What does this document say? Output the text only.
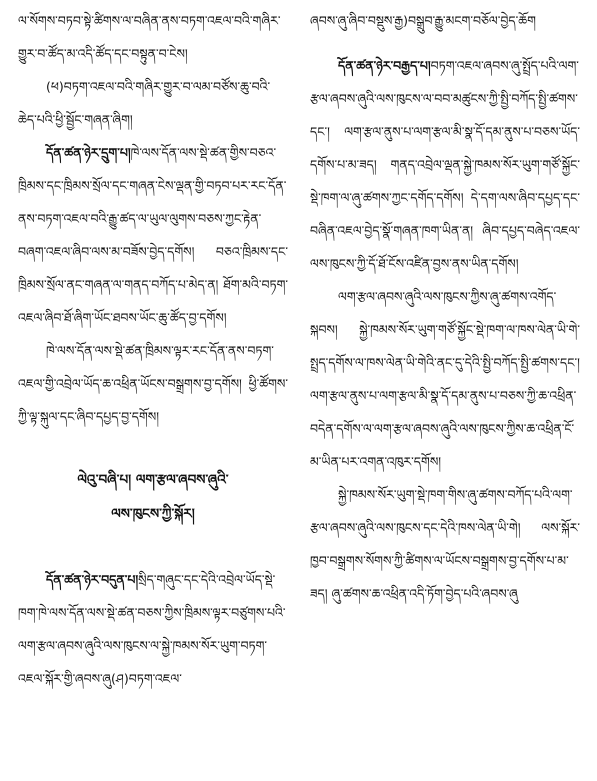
ལ་སོགས་བཏབ་སྟེ་ཚིགས་ལ་བཞིན་ནས་བཏག་འཇལ་བའི་གཞིར་གྱུར་བ་ཚོད་མ་འདི་ཚོད་དང་བསྟུན་བ་ངེས།

(ཕ)བཏག་འཇལ་བའི་གཞིར་གྱུར་བ་ལམ་བཙོས་ཆུ་བའི་ཆེད་པའི་ཕྱི་སྦྱོང་གཞན་ཞིག།

དོན་ཚན་ཉེར་དྲུག་པ།ཁེ་ལས་དོན་ལས་སྡེ་ཚན་གྱིས་བཅའ་ཁྲིམས་དང་ཁྲིམས་སྲོལ་དང་གཞན་ངེས་ལྡན་གྱི་བཏབ་པར་རང་དོན་ནས་བཏག་འཇལ་བའི་རྒྱུ་ཚད་ལ་ཡུལ་ལུགས་བཅས་ཀྱང་རྟེན་བཞག་འཇལ་ཞིབ་ལས་མ་བཟོས་བྱེད་དགོས། བཅའ་ཁྲིམས་དང་ཁྲིམས་སྲོལ་ནང་གཞན་ལ་གནད་བཀོད་པ་མེད་ན། ཐོག་མའི་བཏག་འཇལ་ཞིབ་ཐོ་ཞིག་ཡོང་ཐབས་ཡོང་ཆུ་ཚོད་བྱ་དགོས།

ཁེ་ལས་དོན་ལས་སྡེ་ཚན་ཁྲིམས་ལྟར་རང་དོན་ནས་བཏག་འཇལ་གྱི་འབྲེལ་ཡོད་ཆ་འཕྲིན་ཡོངས་བསྒྲགས་བྱ་དགོས། ཕྱི་ཚོགས་ཀྱི་ལྟ་སྐུལ་དང་ཞིབ་དཔྱད་བྱ་དགོས།

ལེའུ་བཞི་པ། ལག་རྩལ་ཞབས་ཞུའི་
ལས་ཁུངས་ཀྱི་སྐོར།

དོན་ཚན་ཉེར་བདུན་པ།སྲིད་གཞུང་དང་དེའི་འབྲེལ་ཡོད་སྡེ་ཁག་ཁེ་ལས་དོན་ལས་སྡེ་ཚན་བཅས་ཀྱིས་ཁྲིམས་ལྟར་བཙུགས་པའི་ལག་རྩལ་ཞབས་ཞུའི་ལས་ཁུངས་ལ་སྐྱེ་ཁམས་སོར་ཡུག་བཏག་འཇལ་སྐོར་གྱི་ཞབས་ཞུ(ཤ)བཏག་འཇལ་

ཞབས་ཞུ་ཞིབ་བསྡུས་རྒྱ)བསྒྲུབ་རྒྱུ་མངག་བཅོལ་བྱེད་ཆོག

དོན་ཚན་ཉེར་བརྒྱད་པ།བཏག་འཇལ་ཞབས་ཞུ་སྤྲོད་པའི་ལག་རྩལ་ཞབས་ཞུའི་ལས་ཁུངས་ལ་བབ་མཚུངས་ཀྱི་སྤྱི་བཀོད་སྤྱི་ཚགས་དང་། ལག་རྩལ་ནུས་པ་ལག་རྩལ་མི་སྣ་དོ་དམ་ནུས་པ་བཅས་ཡོད་དགོས་པ་མ་ཟད། གནད་འབྲེལ་ལྡན་སྐྱེ་ཁམས་སོར་ཡུག་གཙོ་སྐྱོང་སྡེ་ཁག་ལ་ཞུ་ཚགས་ཀྱང་དགོད་དགོས། དེ་དག་ལས་ཞིབ་དཔྱད་དང་བཞིན་འཇལ་བྱེད་སྣོ་གཞན་ཁག་ཡིན་ན། ཞིབ་དཔྱད་བཞེད་འཇལ་ལས་ཁུངས་ཀྱི་དོ་ཐོ་ངོས་འཛིན་བྱས་ནས་ཡིན་དགོས།

ལག་རྩལ་ཞབས་ཞུའི་ལས་ཁུངས་ཀྱིས་ཞུ་ཚགས་འགོད་སྐབས། སྐྱེ་ཁམས་སོར་ཡུག་གཙོ་སྐྱོང་སྡེ་ཁག་ལ་ཁས་ལེན་ཡི་གེ་སྤྲད་དགོས་ལ་ཁས་ལེན་ཡི་གེའི་ནང་དུ་དེའི་སྤྱི་བཀོད་སྤྱི་ཚགས་དང་། ལག་རྩལ་ནུས་པ་ལག་རྩལ་མི་སྣ་དོ་དམ་ནུས་པ་བཅས་ཀྱི་ཆ་འཕྲིན་བདེན་དགོས་ལ་ལག་རྩལ་ཞབས་ཞུའི་ལས་ཁུངས་ཀྱིས་ཆ་འཕྲིན་ངོ་མ་ཡིན་པར་འགན་འཁུར་དགོས།

སྐྱེ་ཁམས་སོར་ཡུག་སྡེ་ཁག་གིས་ཞུ་ཚགས་བཀོད་པའི་ལག་རྩལ་ཞབས་ཞུའི་ལས་ཁུངས་དང་དེའི་ཁས་ལེན་ཡི་གེ། ལས་སྐོར་ཁྱབ་བསྒྲགས་སོགས་ཀྱི་ཚིགས་ལ་ཡོངས་བསྒྲགས་བྱ་དགོས་པ་མ་ཟད། ཞུ་ཚགས་ཆ་འཕྲིན་འདི་ཏོག་བྱེད་པའི་ཞབས་ཞུ
